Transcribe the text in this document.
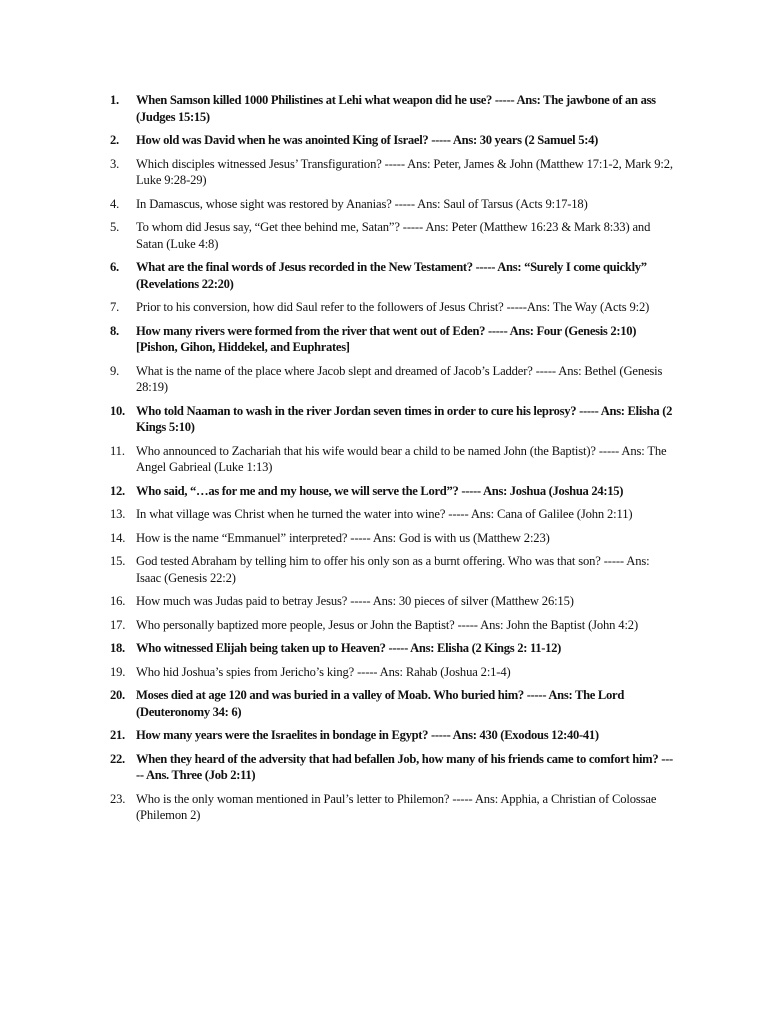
1.	When Samson killed 1000 Philistines at Lehi what weapon did he use? ----- Ans: The jawbone of an ass (Judges 15:15)
2.	How old was David when he was anointed King of Israel? ----- Ans: 30 years (2 Samuel 5:4)
3.	Which disciples witnessed Jesus’ Transfiguration? ----- Ans: Peter, James & John (Matthew 17:1-2, Mark 9:2, Luke 9:28-29)
4.	In Damascus, whose sight was restored by Ananias? ----- Ans: Saul of Tarsus (Acts 9:17-18)
5.	To whom did Jesus say, “Get thee behind me, Satan”? ----- Ans: Peter (Matthew 16:23 & Mark 8:33) and Satan (Luke 4:8)
6.	What are the final words of Jesus recorded in the New Testament? ----- Ans: “Surely I come quickly” (Revelations 22:20)
7.	Prior to his conversion, how did Saul refer to the followers of Jesus Christ? -----Ans: The Way (Acts 9:2)
8.	How many rivers were formed from the river that went out of Eden? ----- Ans: Four (Genesis 2:10) [Pishon, Gihon, Hiddekel, and Euphrates]
9.	What is the name of the place where Jacob slept and dreamed of Jacob’s Ladder? ----- Ans: Bethel (Genesis 28:19)
10. Who told Naaman to wash in the river Jordan seven times in order to cure his leprosy? ----- Ans: Elisha (2 Kings 5:10)
11. Who announced to Zachariah that his wife would bear a child to be named John (the Baptist)? ----- Ans: The Angel Gabrieal (Luke 1:13)
12. Who said, “…as for me and my house, we will serve the Lord”? ----- Ans: Joshua (Joshua 24:15)
13. In what village was Christ when he turned the water into wine? ----- Ans: Cana of Galilee (John 2:11)
14. How is the name “Emmanuel” interpreted? ----- Ans: God is with us (Matthew 2:23)
15. God tested Abraham by telling him to offer his only son as a burnt offering. Who was that son? ----- Ans: Isaac (Genesis 22:2)
16. How much was Judas paid to betray Jesus? ----- Ans: 30 pieces of silver (Matthew 26:15)
17. Who personally baptized more people, Jesus or John the Baptist? ----- Ans: John the Baptist (John 4:2)
18. Who witnessed Elijah being taken up to Heaven? ----- Ans: Elisha (2 Kings 2: 11-12)
19. Who hid Joshua’s spies from Jericho’s king? ----- Ans: Rahab (Joshua 2:1-4)
20. Moses died at age 120 and was buried in a valley of Moab. Who buried him? ----- Ans: The Lord (Deuteronomy 34: 6)
21. How many years were the Israelites in bondage in Egypt? ----- Ans: 430 (Exodous 12:40-41)
22. When they heard of the adversity that had befallen Job, how many of his friends came to comfort him? ----- Ans. Three (Job 2:11)
23. Who is the only woman mentioned in Paul’s letter to Philemon? ----- Ans: Apphia, a Christian of Colossae (Philemon 2)
